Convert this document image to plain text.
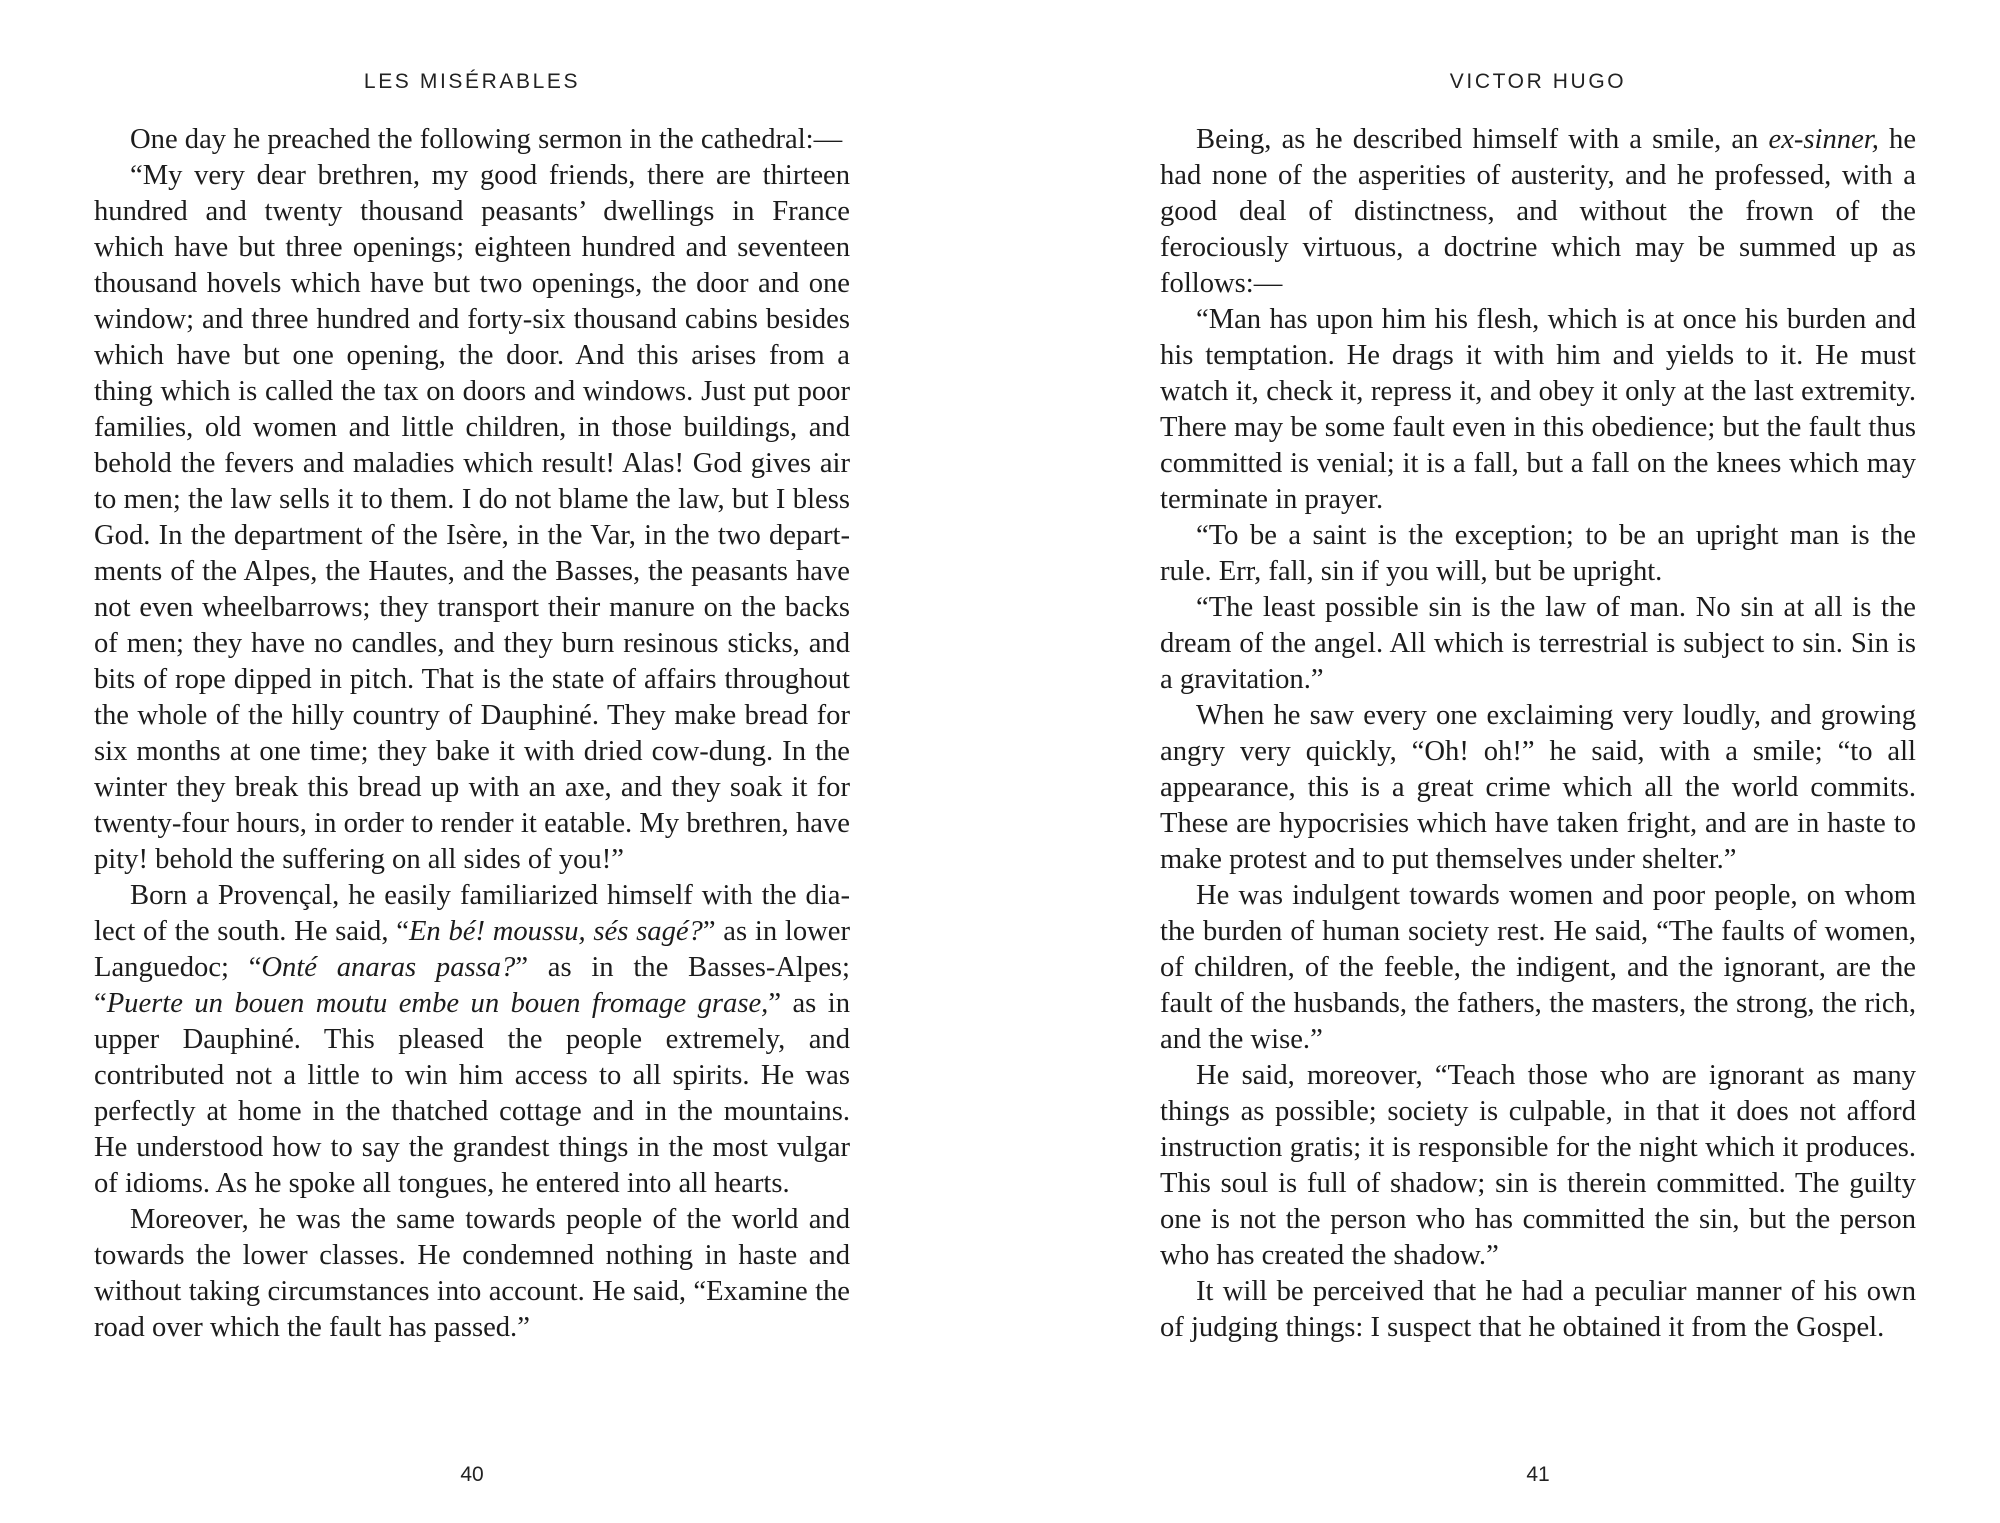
LES MISÉRABLES

One day he preached the following sermon in the cathedral:—

“My very dear brethren, my good friends, there are thirteen hundred and twenty thousand peasants’ dwellings in France which have but three openings; eighteen hundred and seventeen thousand hovels which have but two openings, the door and one window; and three hundred and forty-six thousand cabins besides which have but one opening, the door. And this arises from a thing which is called the tax on doors and windows. Just put poor families, old women and little children, in those buildings, and behold the fevers and maladies which result! Alas! God gives air to men; the law sells it to them. I do not blame the law, but I bless God. In the department of the Isère, in the Var, in the two departments of the Alpes, the Hautes, and the Basses, the peasants have not even wheelbarrows; they transport their manure on the backs of men; they have no candles, and they burn resinous sticks, and bits of rope dipped in pitch. That is the state of affairs throughout the whole of the hilly country of Dauphiné. They make bread for six months at one time; they bake it with dried cow-dung. In the winter they break this bread up with an axe, and they soak it for twenty-four hours, in order to render it eatable. My brethren, have pity! behold the suffering on all sides of you!”

Born a Provençal, he easily familiarized himself with the dialect of the south. He said, “En bé! moussu, sés sagé?” as in lower Languedoc; “Onté anaras passa?” as in the Basses-Alpes; “Puerte un bouen moutu embe un bouen fromage grase,” as in upper Dauphiné. This pleased the people extremely, and contributed not a little to win him access to all spirits. He was perfectly at home in the thatched cottage and in the mountains. He understood how to say the grandest things in the most vulgar of idioms. As he spoke all tongues, he entered into all hearts.

Moreover, he was the same towards people of the world and towards the lower classes. He condemned nothing in haste and without taking circumstances into account. He said, “Examine the road over which the fault has passed.”

40
VICTOR HUGO

Being, as he described himself with a smile, an ex-sinner, he had none of the asperities of austerity, and he professed, with a good deal of distinctness, and without the frown of the ferociously virtuous, a doctrine which may be summed up as follows:—

“Man has upon him his flesh, which is at once his burden and his temptation. He drags it with him and yields to it. He must watch it, check it, repress it, and obey it only at the last extremity. There may be some fault even in this obedience; but the fault thus committed is venial; it is a fall, but a fall on the knees which may terminate in prayer.

“To be a saint is the exception; to be an upright man is the rule. Err, fall, sin if you will, but be upright.

“The least possible sin is the law of man. No sin at all is the dream of the angel. All which is terrestrial is subject to sin. Sin is a gravitation.”

When he saw every one exclaiming very loudly, and growing angry very quickly, “Oh! oh!” he said, with a smile; “to all appearance, this is a great crime which all the world commits. These are hypocrisies which have taken fright, and are in haste to make protest and to put themselves under shelter.”

He was indulgent towards women and poor people, on whom the burden of human society rest. He said, “The faults of women, of children, of the feeble, the indigent, and the ignorant, are the fault of the husbands, the fathers, the masters, the strong, the rich, and the wise.”

He said, moreover, “Teach those who are ignorant as many things as possible; society is culpable, in that it does not afford instruction gratis; it is responsible for the night which it produces. This soul is full of shadow; sin is therein committed. The guilty one is not the person who has committed the sin, but the person who has created the shadow.”

It will be perceived that he had a peculiar manner of his own of judging things: I suspect that he obtained it from the Gospel.

41
